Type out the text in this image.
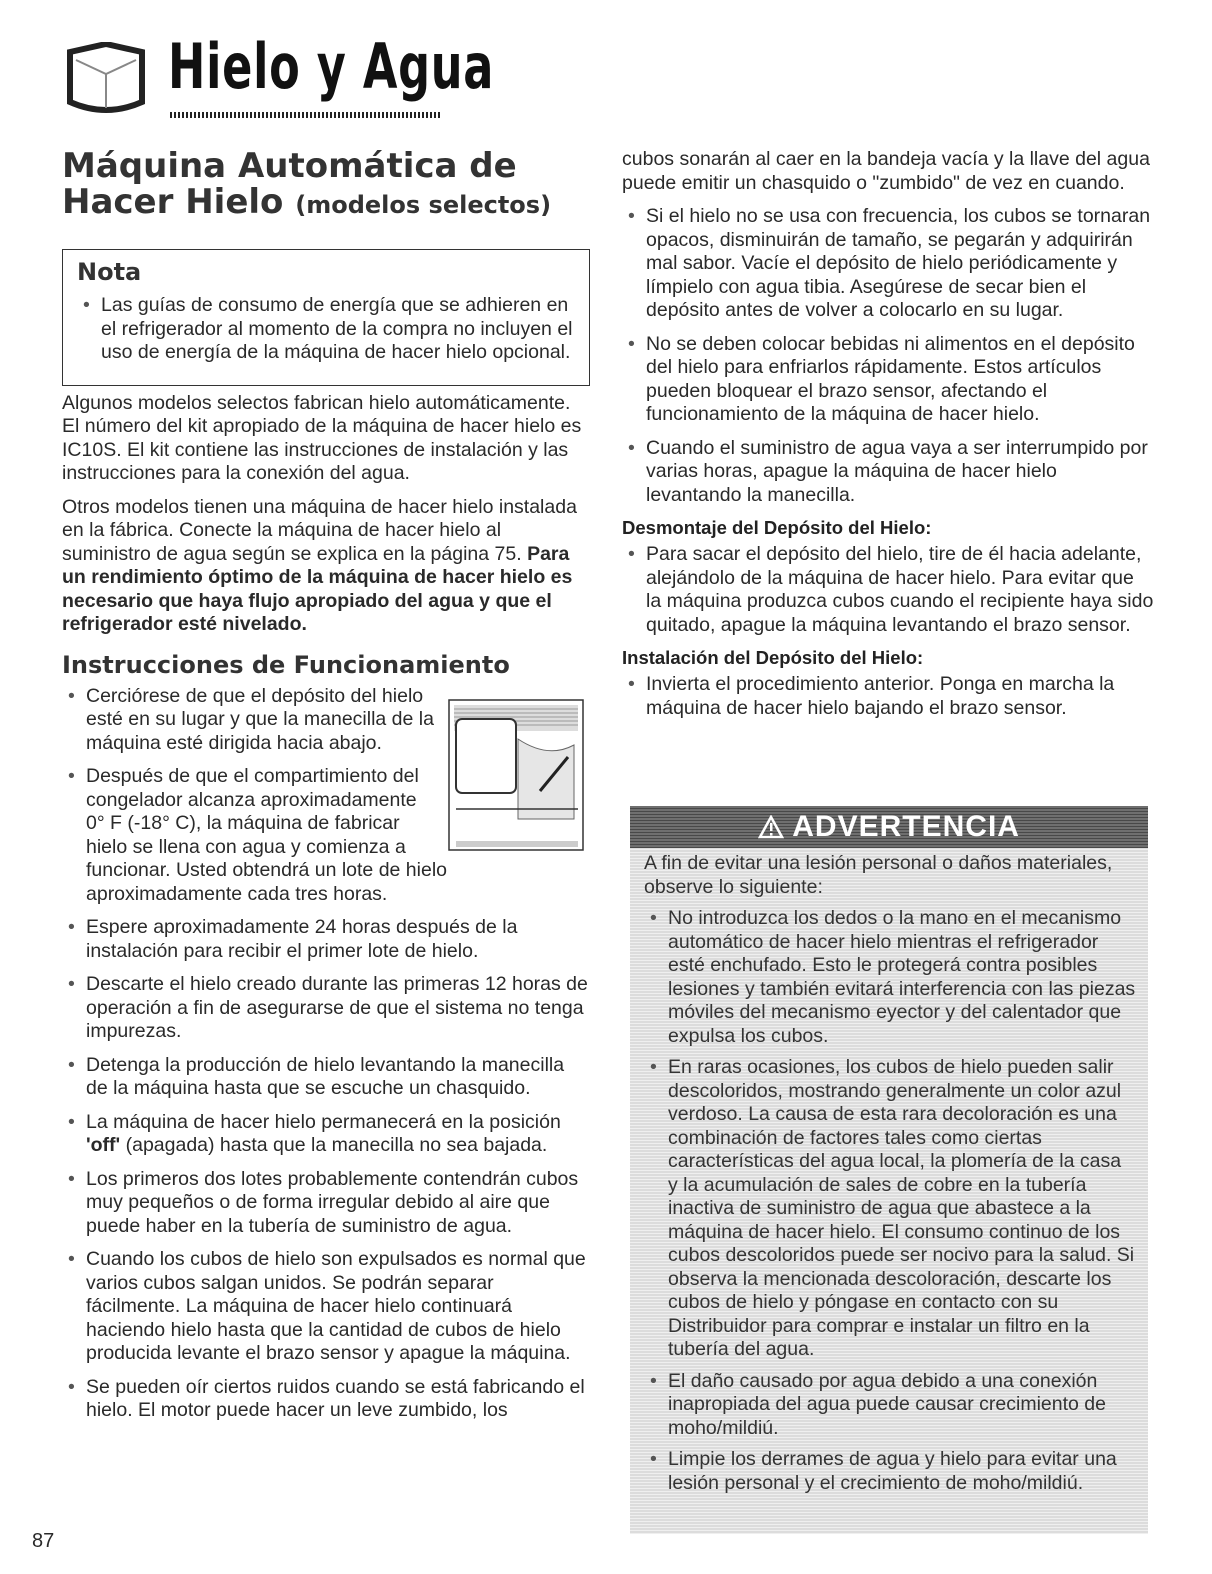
Hielo y Agua
Máquina Automática de Hacer Hielo (modelos selectos)
Nota
• Las guías de consumo de energía que se adhieren en el refrigerador al momento de la compra no incluyen el uso de energía de la máquina de hacer hielo opcional.

Algunos modelos selectos fabrican hielo automáticamente. El número del kit apropiado de la máquina de hacer hielo es IC10S. El kit contiene las instrucciones de instalación y las instrucciones para la conexión del agua.

Otros modelos tienen una máquina de hacer hielo instalada en la fábrica. Conecte la máquina de hacer hielo al suministro de agua según se explica en la página 75. Para un rendimiento óptimo de la máquina de hacer hielo es necesario que haya flujo apropiado del agua y que el refrigerador esté nivelado.

Instrucciones de Funcionamiento
• Cerciórese de que el depósito del hielo esté en su lugar y que la manecilla de la máquina esté dirigida hacia abajo.
• Después de que el compartimiento del congelador alcanza aproximadamente 0° F (-18° C), la máquina de fabricar hielo se llena con agua y comienza a funcionar. Usted obtendrá un lote de hielo aproximadamente cada tres horas.
• Espere aproximadamente 24 horas después de la instalación para recibir el primer lote de hielo.
• Descarte el hielo creado durante las primeras 12 horas de operación a fin de asegurarse de que el sistema no tenga impurezas.
• Detenga la producción de hielo levantando la manecilla de la máquina hasta que se escuche un chasquido.
• La máquina de hacer hielo permanecerá en la posición 'off' (apagada) hasta que la manecilla no sea bajada.
• Los primeros dos lotes probablemente contendrán cubos muy pequeños o de forma irregular debido al aire que puede haber en la tubería de suministro de agua.
• Cuando los cubos de hielo son expulsados es normal que varios cubos salgan unidos. Se podrán separar fácilmente. La máquina de hacer hielo continuará haciendo hielo hasta que la cantidad de cubos de hielo producida levante el brazo sensor y apague la máquina.
• Se pueden oír ciertos ruidos cuando se está fabricando el hielo. El motor puede hacer un leve zumbido, los

cubos sonarán al caer en la bandeja vacía y la llave del agua puede emitir un chasquido o "zumbido" de vez en cuando.

• Si el hielo no se usa con frecuencia, los cubos se tornaran opacos, disminuirán de tamaño, se pegarán y adquirirán mal sabor. Vacíe el depósito de hielo periódicamente y límpielo con agua tibia. Asegúrese de secar bien el depósito antes de volver a colocarlo en su lugar.
• No se deben colocar bebidas ni alimentos en el depósito del hielo para enfriarlos rápidamente. Estos artículos pueden bloquear el brazo sensor, afectando el funcionamiento de la máquina de hacer hielo.
• Cuando el suministro de agua vaya a ser interrumpido por varias horas, apague la máquina de hacer hielo levantando la manecilla.
Desmontaje del Depósito del Hielo:
• Para sacar el depósito del hielo, tire de él hacia adelante, alejándolo de la máquina de hacer hielo. Para evitar que la máquina produzca cubos cuando el recipiente haya sido quitado, apague la máquina levantando el brazo sensor.
Instalación del Depósito del Hielo:
• Invierta el procedimiento anterior. Ponga en marcha la máquina de hacer hielo bajando el brazo sensor.
ADVERTENCIA

A fin de evitar una lesión personal o daños materiales, observe lo siguiente:

• No introduzca los dedos o la mano en el mecanismo automático de hacer hielo mientras el refrigerador esté enchufado. Esto le protegerá contra posibles lesiones y también evitará interferencia con las piezas móviles del mecanismo eyector y del calentador que expulsa los cubos.
• En raras ocasiones, los cubos de hielo pueden salir descoloridos, mostrando generalmente un color azul verdoso. La causa de esta rara decoloración es una combinación de factores tales como ciertas características del agua local, la plomería de la casa y la acumulación de sales de cobre en la tubería inactiva de suministro de agua que abastece a la máquina de hacer hielo. El consumo continuo de los cubos descoloridos puede ser nocivo para la salud. Si observa la mencionada descoloración, descarte los cubos de hielo y póngase en contacto con su Distribuidor para comprar e instalar un filtro en la tubería del agua.
• El daño causado por agua debido a una conexión inapropiada del agua puede causar crecimiento de moho/mildiú.
• Limpie los derrames de agua y hielo para evitar una lesión personal y el crecimiento de moho/mildiú.
87
